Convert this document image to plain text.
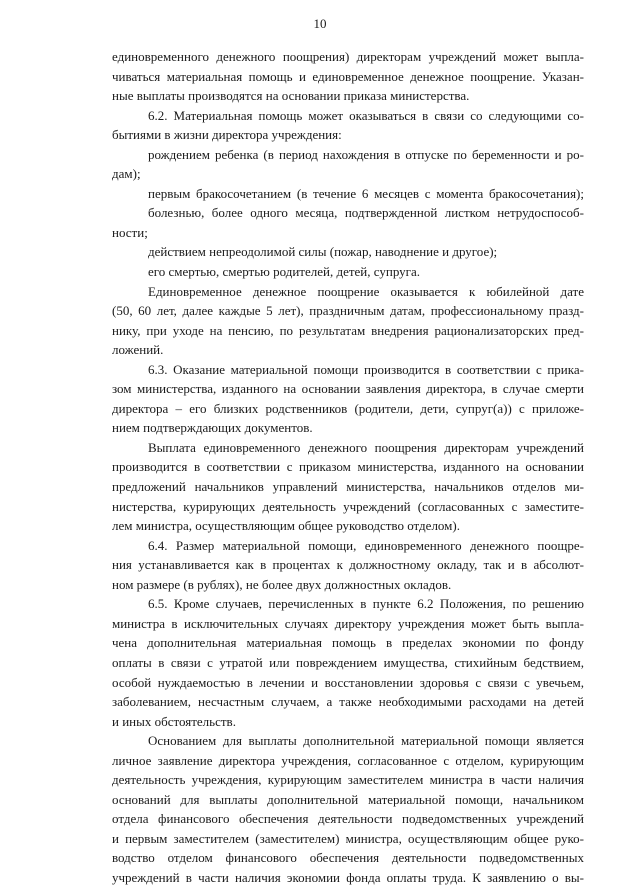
10
единовременного денежного поощрения) директорам учреждений может выпла-
чиваться материальная помощь и единовременное денежное поощрение. Указан-
ные выплаты производятся на основании приказа министерства.
6.2. Материальная помощь может оказываться в связи со следующими со-
бытиями в жизни директора учреждения:
рождением ребенка (в период нахождения в отпуске по беременности и ро-
дам);
первым бракосочетанием (в течение 6 месяцев с момента бракосочетания);
болезнью, более одного месяца, подтвержденной листком нетрудоспособ-
ности;
действием непреодолимой силы (пожар, наводнение и другое);
его смертью, смертью родителей, детей, супруга.
Единовременное денежное поощрение оказывается к юбилейной дате
(50, 60 лет, далее каждые 5 лет), праздничным датам, профессиональному празд-
нику, при уходе на пенсию, по результатам внедрения рационализаторских пред-
ложений.
6.3. Оказание материальной помощи производится в соответствии с прика-
зом министерства, изданного на основании заявления директора, в случае смерти
директора – его близких родственников (родители, дети, супруг(а)) с приложе-
нием подтверждающих документов.
Выплата единовременного денежного поощрения директорам учреждений
производится в соответствии с приказом министерства, изданного на основании
предложений начальников управлений министерства, начальников отделов ми-
нистерства, курирующих деятельность учреждений (согласованных с заместите-
лем министра, осуществляющим общее руководство отделом).
6.4. Размер материальной помощи, единовременного денежного поощре-
ния устанавливается как в процентах к должностному окладу, так и в абсолют-
ном размере (в рублях), не более двух должностных окладов.
6.5. Кроме случаев, перечисленных в пункте 6.2 Положения, по решению
министра в исключительных случаях директору учреждения может быть выпла-
чена дополнительная материальная помощь в пределах экономии по фонду
оплаты в связи с утратой или повреждением имущества, стихийным бедствием,
особой нуждаемостью в лечении и восстановлении здоровья с связи с увечьем,
заболеванием, несчастным случаем, а также необходимыми расходами на детей
и иных обстоятельств.
Основанием для выплаты дополнительной материальной помощи является
личное заявление директора учреждения, согласованное с отделом, курирующим
деятельность учреждения, курирующим заместителем министра в части наличия
оснований для выплаты дополнительной материальной помощи, начальником
отдела финансового обеспечения деятельности подведомственных учреждений
и первым заместителем (заместителем) министра, осуществляющим общее руко-
водство отделом финансового обеспечения деятельности подведомственных
учреждений в части наличия экономии фонда оплаты труда. К заявлению о вы-
